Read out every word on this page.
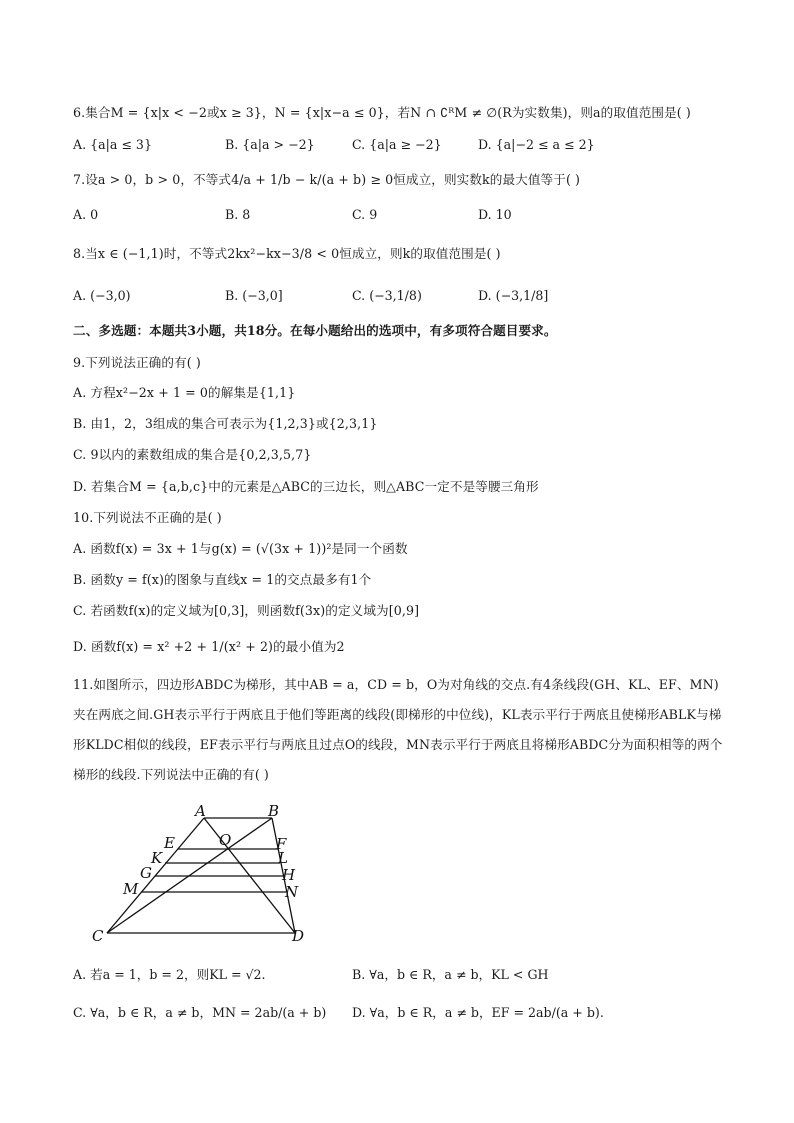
6.集合M = {x|x < −2或x ≥ 3}，N = {x|x−a ≤ 0}，若N ∩ ∁ᴿM ≠ ∅(R为实数集)，则a的取值范围是( )
A. {a|a ≤ 3}	B. {a|a > −2}	C. {a|a ≥ −2}	D. {a|−2 ≤ a ≤ 2}
7.设a > 0，b > 0，不等式4/a + 1/b − k/(a + b) ≥ 0恒成立，则实数k的最大值等于( )
A. 0	B. 8	C. 9	D. 10
8.当x ∈ (−1,1)时，不等式2kx²−kx−3/8 < 0恒成立，则k的取值范围是( )
A. (−3,0)	B. (−3,0]	C. (−3,1/8)	D. (−3,1/8]
二、多选题：本题共3小题，共18分。在每小题给出的选项中，有多项符合题目要求。
9.下列说法正确的有( )
A. 方程x²−2x + 1 = 0的解集是{1,1}
B. 由1，2，3组成的集合可表示为{1,2,3}或{2,3,1}
C. 9以内的素数组成的集合是{0,2,3,5,7}
D. 若集合M = {a,b,c}中的元素是△ABC的三边长，则△ABC一定不是等腰三角形
10.下列说法不正确的是( )
A. 函数f(x) = 3x + 1与g(x) = (√(3x + 1))²是同一个函数
B. 函数y = f(x)的图象与直线x = 1的交点最多有1个
C. 若函数f(x)的定义域为[0,3]，则函数f(3x)的定义域为[0,9]
D. 函数f(x) = x² +2 + 1/(x² + 2)的最小值为2
11.如图所示，四边形ABDC为梯形，其中AB = a，CD = b，O为对角线的交点.有4条线段(GH、KL、EF、MN)夹在两底之间.GH表示平行于两底且于他们等距离的线段(即梯形的中位线)，KL表示平行于两底且使梯形ABLK与梯形KLDC相似的线段，EF表示平行与两底且过点O的线段，MN表示平行于两底且将梯形ABDC分为面积相等的两个梯形的线段.下列说法中正确的有( )
A	B
O
E	F
K	L
G	H
M	N
C	D
A. 若a = 1，b = 2，则KL = √2.	B. ∀a，b ∈ R，a ≠ b，KL < GH
C. ∀a，b ∈ R，a ≠ b，MN = 2ab/(a + b) D. ∀a，b ∈ R，a ≠ b，EF = 2ab/(a + b).
